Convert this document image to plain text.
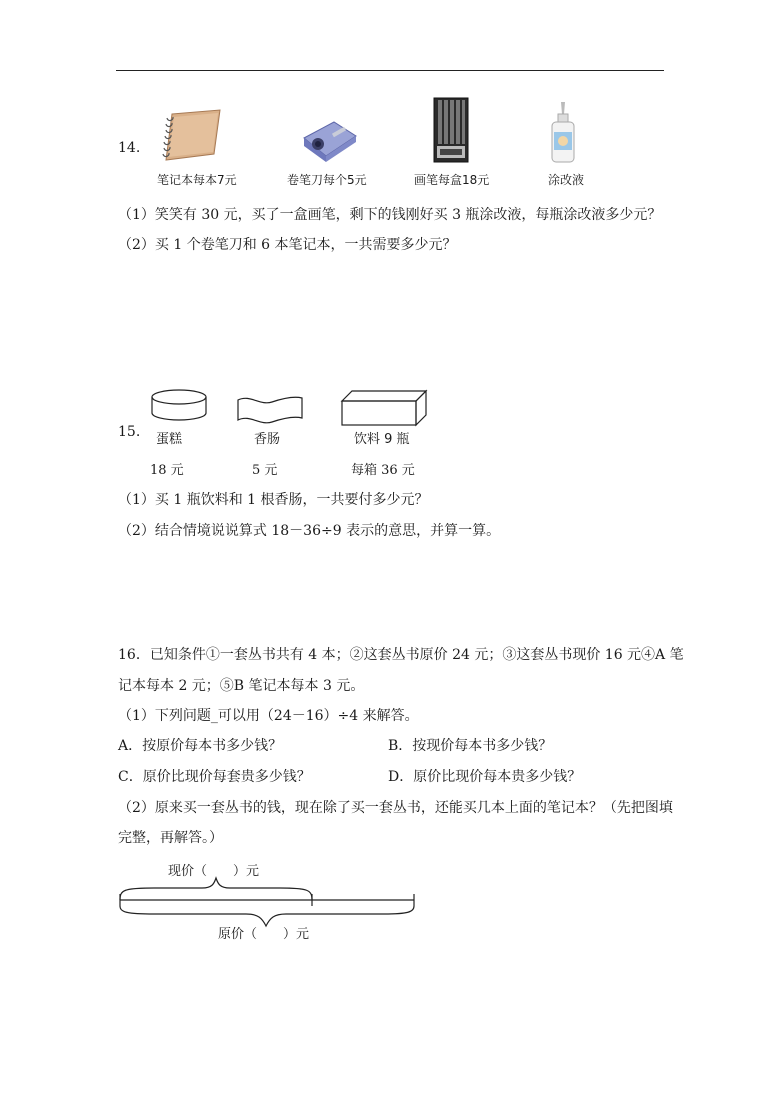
14.
笔记本每本7元	卷笔刀每个5元	画笔每盒18元	涂改液
（1）笑笑有 30 元，买了一盒画笔，剩下的钱刚好买 3 瓶涂改液，每瓶涂改液多少元？
（2）买 1 个卷笔刀和 6 本笔记本，一共需要多少元？
15. 蛋糕
18 元
香肠
5 元
饮料 9 瓶
每箱 36 元
（1）买 1 瓶饮料和 1 根香肠，一共要付多少元？
（2）结合情境说说算式 18－36÷9 表示的意思，并算一算。
16．已知条件①一套丛书共有 4 本；②这套丛书原价 24 元；③这套丛书现价 16 元④A 笔
记本每本 2 元；⑤B 笔记本每本 3 元。
（1）下列问题_可以用（24－16）÷4 来解答。
A．按原价每本书多少钱？	B．按现价每本书多少钱？
C．原价比现价每套贵多少钱？	D．原价比现价每本贵多少钱？
（2）原来买一套丛书的钱，现在除了买一套丛书，还能买几本上面的笔记本？（先把图填
完整，再解答。）
现价（　　）元
原价（　　）元
